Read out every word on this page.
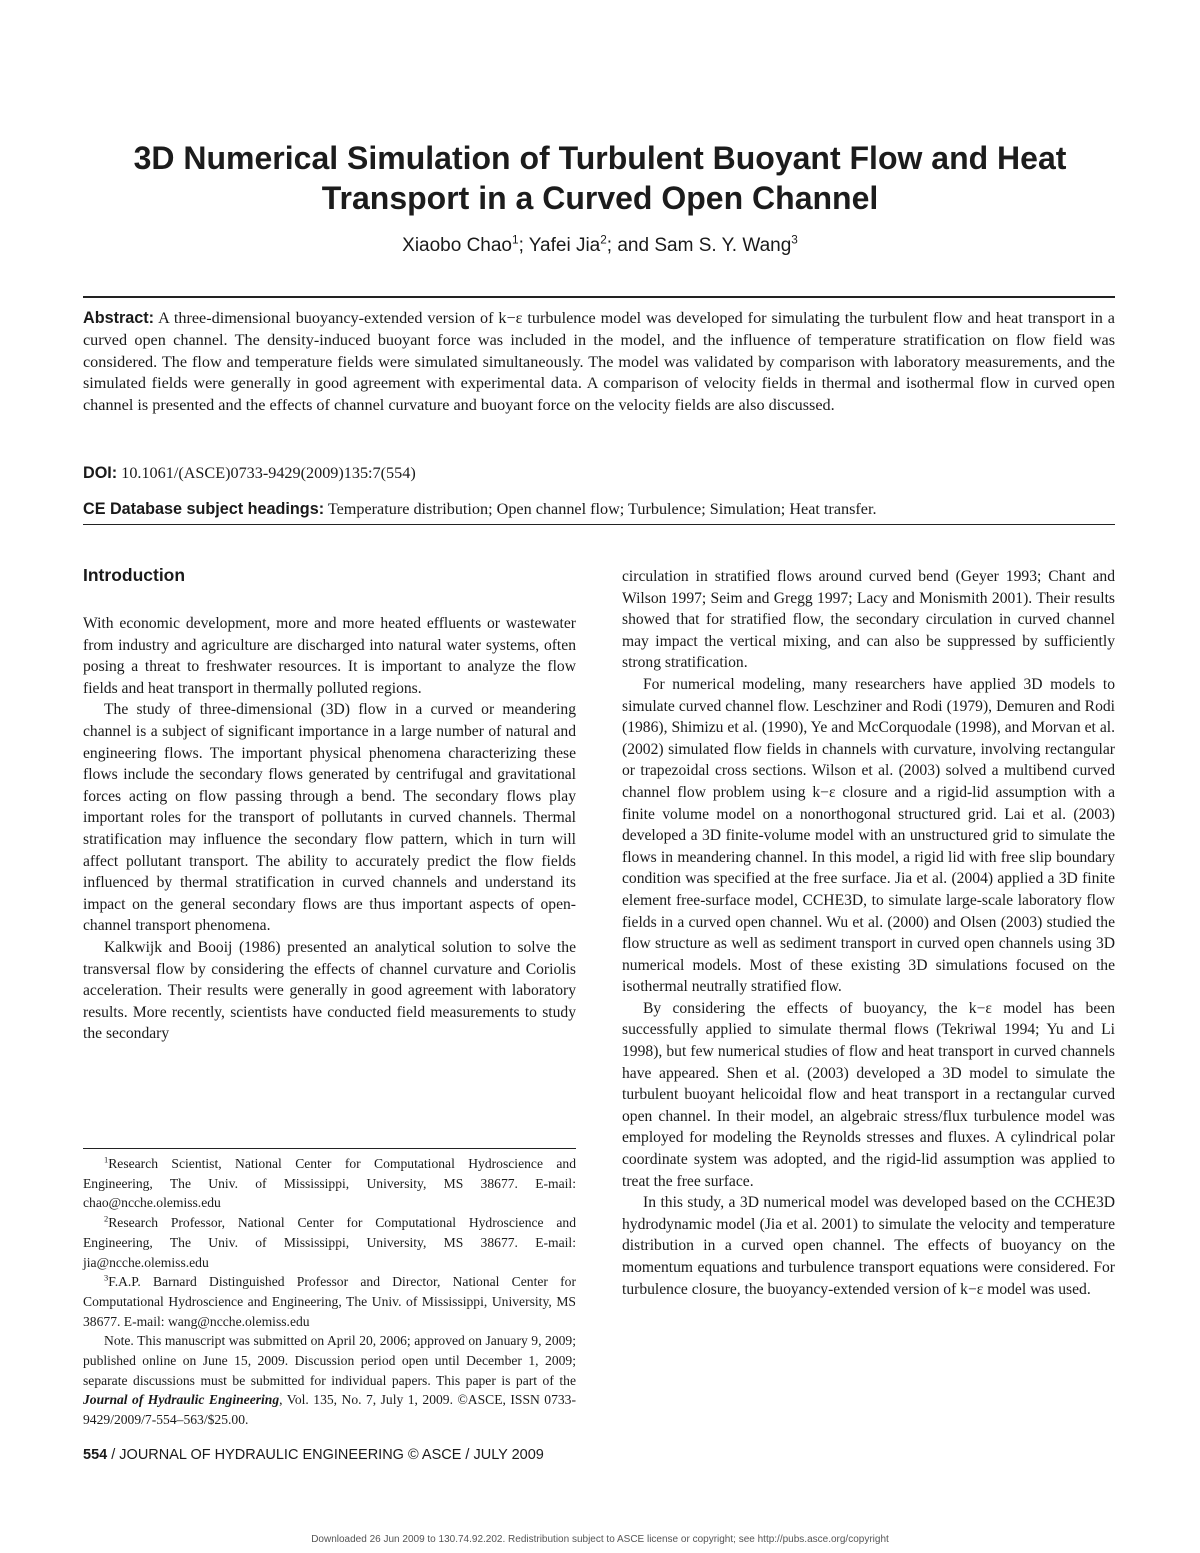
3D Numerical Simulation of Turbulent Buoyant Flow and Heat Transport in a Curved Open Channel
Xiaobo Chao$^1$; Yafei Jia$^2$; and Sam S. Y. Wang$^3$

Abstract: A three-dimensional buoyancy-extended version of k−ε turbulence model was developed for simulating the turbulent flow and heat transport in a curved open channel. The density-induced buoyant force was included in the model, and the influence of temperature stratification on flow field was considered. The flow and temperature fields were simulated simultaneously. The model was validated by comparison with laboratory measurements, and the simulated fields were generally in good agreement with experimental data. A comparison of velocity fields in thermal and isothermal flow in curved open channel is presented and the effects of channel curvature and buoyant force on the velocity fields are also discussed.

DOI: 10.1061/(ASCE)0733-9429(2009)135:7(554)

CE Database subject headings: Temperature distribution; Open channel flow; Turbulence; Simulation; Heat transfer.

Introduction

With economic development, more and more heated effluents or wastewater from industry and agriculture are discharged into natural water systems, often posing a threat to freshwater resources. It is important to analyze the flow fields and heat transport in thermally polluted regions.

The study of three-dimensional (3D) flow in a curved or meandering channel is a subject of significant importance in a large number of natural and engineering flows. The important physical phenomena characterizing these flows include the secondary flows generated by centrifugal and gravitational forces acting on flow passing through a bend. The secondary flows play important roles for the transport of pollutants in curved channels. Thermal stratification may influence the secondary flow pattern, which in turn will affect pollutant transport. The ability to accurately predict the flow fields influenced by thermal stratification in curved channels and understand its impact on the general secondary flows are thus important aspects of open-channel transport phenomena.

Kalkwijk and Booij (1986) presented an analytical solution to solve the transversal flow by considering the effects of channel curvature and Coriolis acceleration. Their results were generally in good agreement with laboratory results. More recently, scientists have conducted field measurements to study the secondary

circulation in stratified flows around curved bend (Geyer 1993; Chant and Wilson 1997; Seim and Gregg 1997; Lacy and Monismith 2001). Their results showed that for stratified flow, the secondary circulation in curved channel may impact the vertical mixing, and can also be suppressed by sufficiently strong stratification.

For numerical modeling, many researchers have applied 3D models to simulate curved channel flow. Leschziner and Rodi (1979), Demuren and Rodi (1986), Shimizu et al. (1990), Ye and McCorquodale (1998), and Morvan et al. (2002) simulated flow fields in channels with curvature, involving rectangular or trapezoidal cross sections. Wilson et al. (2003) solved a multibend curved channel flow problem using k−ε closure and a rigid-lid assumption with a finite volume model on a nonorthogonal structured grid. Lai et al. (2003) developed a 3D finite-volume model with an unstructured grid to simulate the flows in meandering channel. In this model, a rigid lid with free slip boundary condition was specified at the free surface. Jia et al. (2004) applied a 3D finite element free-surface model, CCHE3D, to simulate large-scale laboratory flow fields in a curved open channel. Wu et al. (2000) and Olsen (2003) studied the flow structure as well as sediment transport in curved open channels using 3D numerical models. Most of these existing 3D simulations focused on the isothermal neutrally stratified flow.

By considering the effects of buoyancy, the k−ε model has been successfully applied to simulate thermal flows (Tekriwal 1994; Yu and Li 1998), but few numerical studies of flow and heat transport in curved channels have appeared. Shen et al. (2003) developed a 3D model to simulate the turbulent buoyant helicoidal flow and heat transport in a rectangular curved open channel. In their model, an algebraic stress/flux turbulence model was employed for modeling the Reynolds stresses and fluxes. A cylindrical polar coordinate system was adopted, and the rigid-lid assumption was applied to treat the free surface.

In this study, a 3D numerical model was developed based on the CCHE3D hydrodynamic model (Jia et al. 2001) to simulate the velocity and temperature distribution in a curved open channel. The effects of buoyancy on the momentum equations and turbulence transport equations were considered. For turbulence closure, the buoyancy-extended version of k−ε model was used.

$^1$Research Scientist, National Center for Computational Hydroscience and Engineering, The Univ. of Mississippi, University, MS 38677. E-mail: chao@ncche.olemiss.edu

$^2$Research Professor, National Center for Computational Hydroscience and Engineering, The Univ. of Mississippi, University, MS 38677. E-mail: jia@ncche.olemiss.edu

$^3$F.A.P. Barnard Distinguished Professor and Director, National Center for Computational Hydroscience and Engineering, The Univ. of Mississippi, University, MS 38677. E-mail: wang@ncche.olemiss.edu

Note. This manuscript was submitted on April 20, 2006; approved on January 9, 2009; published online on June 15, 2009. Discussion period open until December 1, 2009; separate discussions must be submitted for individual papers. This paper is part of the Journal of Hydraulic Engineering, Vol. 135, No. 7, July 1, 2009. ©ASCE, ISSN 0733-9429/2009/7-554–563/$25.00.

554 / JOURNAL OF HYDRAULIC ENGINEERING © ASCE / JULY 2009
Downloaded 26 Jun 2009 to 130.74.92.202. Redistribution subject to ASCE license or copyright; see http://pubs.asce.org/copyright
